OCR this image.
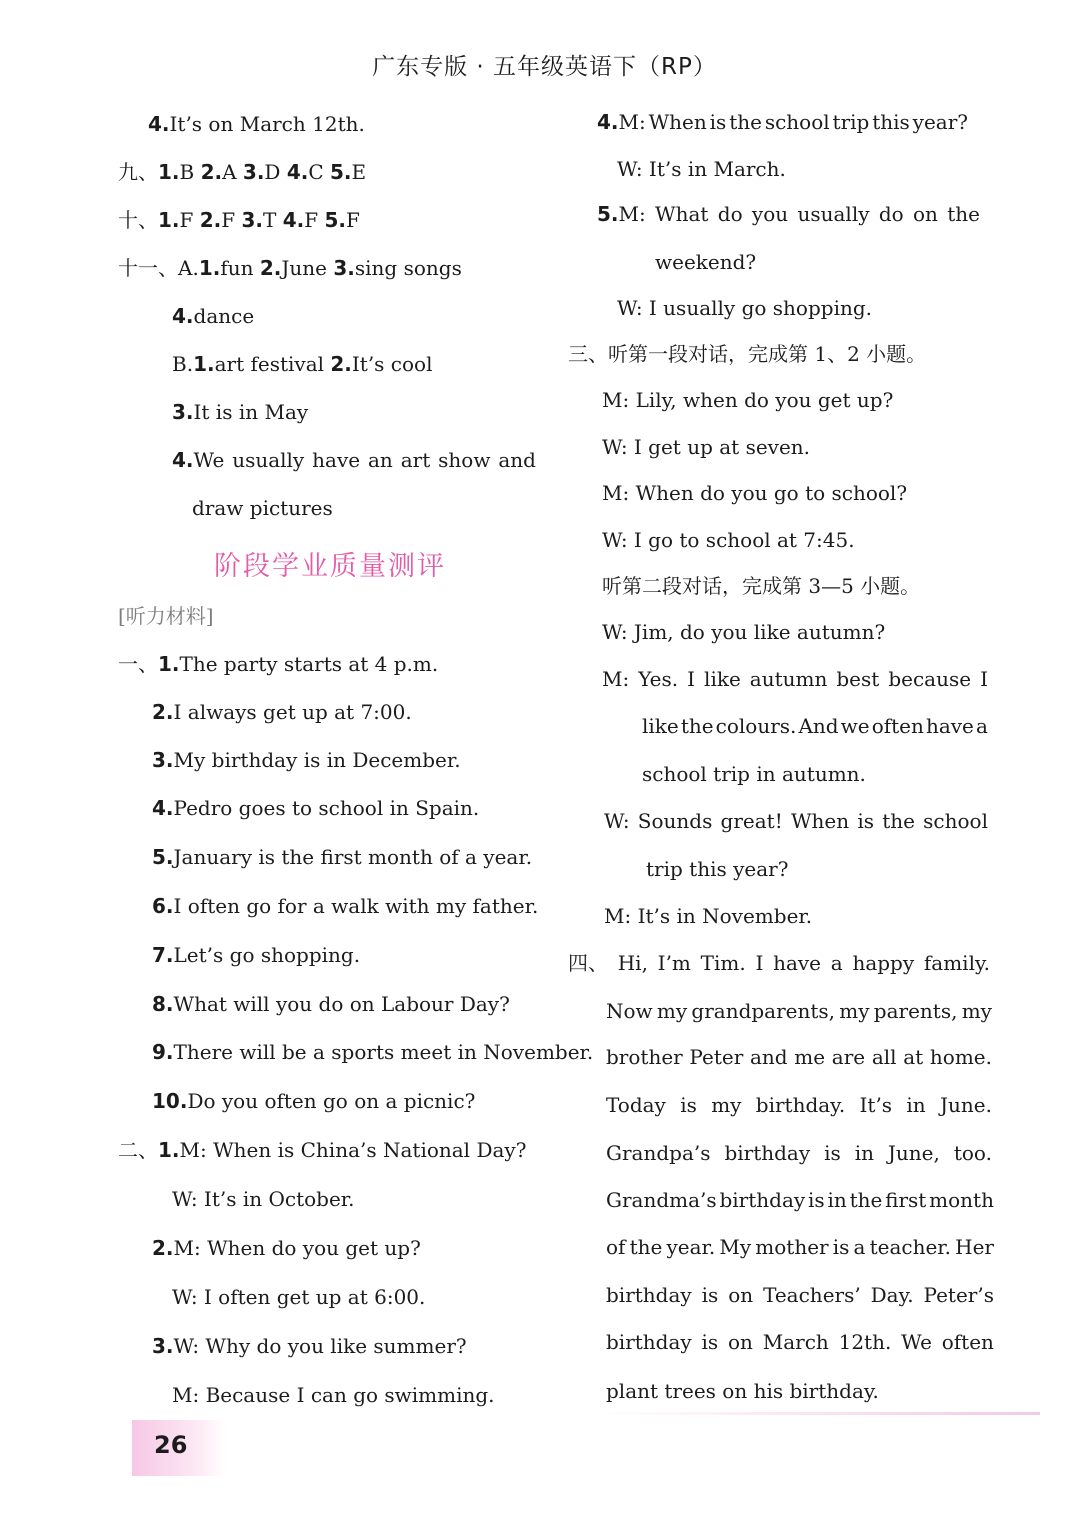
广东专版 · 五年级英语下（RP）
4.It’s on March 12th.
九、1.B 2.A 3.D 4.C 5.E
十、1.F 2.F 3.T 4.F 5.F
十一、A.1.fun 2.June 3.sing songs
4.dance
B.1.art festival 2.It’s cool
3.It is in May
4.We usually have an art show and
draw pictures
一、1.The party starts at 4 p.m.
2.I always get up at 7:00.
3.My birthday is in December.
4.Pedro goes to school in Spain.
5.January is the first month of a year.
6.I often go for a walk with my father.
7.Let’s go shopping.
8.What will you do on Labour Day?
9.There will be a sports meet in November.
10.Do you often go on a picnic?
二、1.M: When is China’s National Day?
W: It’s in October.
2.M: When do you get up?
W: I often get up at 6:00.
3.W: Why do you like summer?
M: Because I can go swimming.
4.M: When is the school trip this year?
W: It’s in March.
5.M: What do you usually do on the
weekend?
W: I usually go shopping.
三、听第一段对话，完成第 1、2 小题。
M: Lily, when do you get up?
W: I get up at seven.
M: When do you go to school?
W: I go to school at 7:45.
听第二段对话，完成第 3—5 小题。
W: Jim, do you like autumn?
M: Yes. I like autumn best because I
like the colours. And we often have a
school trip in autumn.
W: Sounds great! When is the school
trip this year?
M: It’s in November.
四、 Hi, I’m Tim. I have a happy family.
Now my grandparents, my parents, my
brother Peter and me are all at home.
Today is my birthday. It’s in June.
Grandpa’s birthday is in June, too.
Grandma’s birthday is in the first month
of the year. My mother is a teacher. Her
birthday is on Teachers’ Day. Peter’s
birthday is on March 12th. We often
plant trees on his birthday.
阶段学业质量测评
[听力材料]
26
